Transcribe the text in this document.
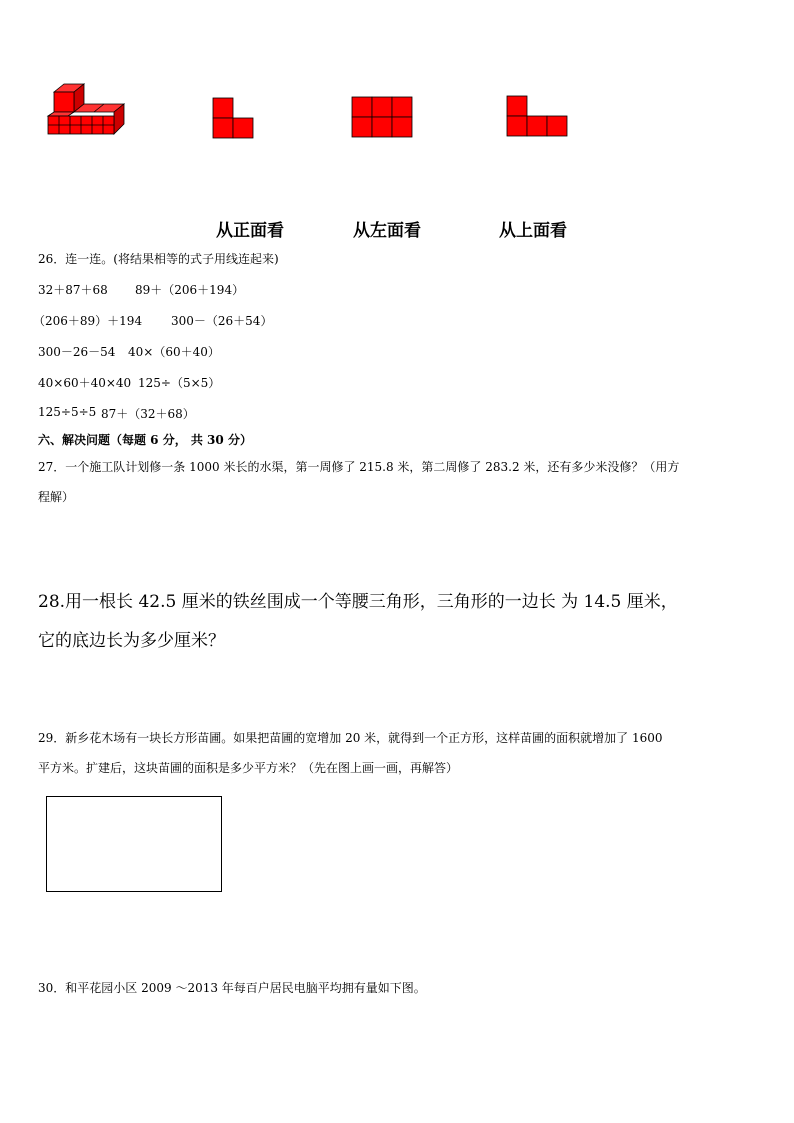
从正面看	从左面看	从上面看
26．连一连。(将结果相等的式子用线连起来)
32＋87＋68 89＋（206＋194）
（206＋89）＋194 300－（26＋54）
300－26－54 40×（60＋40）
40×60＋40×40 125÷（5×5）
125÷5÷5 87＋（32＋68）
六、解决问题（每题 6 分， 共 30 分）
27．一个施工队计划修一条 1000 米长的水渠，第一周修了 215.8 米，第二周修了 283.2 米，还有多少米没修？（用方
程解）
28.用一根长 42.5 厘米的铁丝围成一个等腰三角形，三角形的一边长 为 14.5 厘米，
它的底边长为多少厘米？
29．新乡花木场有一块长方形苗圃。如果把苗圃的宽增加 20 米，就得到一个正方形，这样苗圃的面积就增加了 1600
平方米。扩建后，这块苗圃的面积是多少平方米？（先在图上画一画，再解答）
30．和平花园小区 2009 ～2013 年每百户居民电脑平均拥有量如下图。
